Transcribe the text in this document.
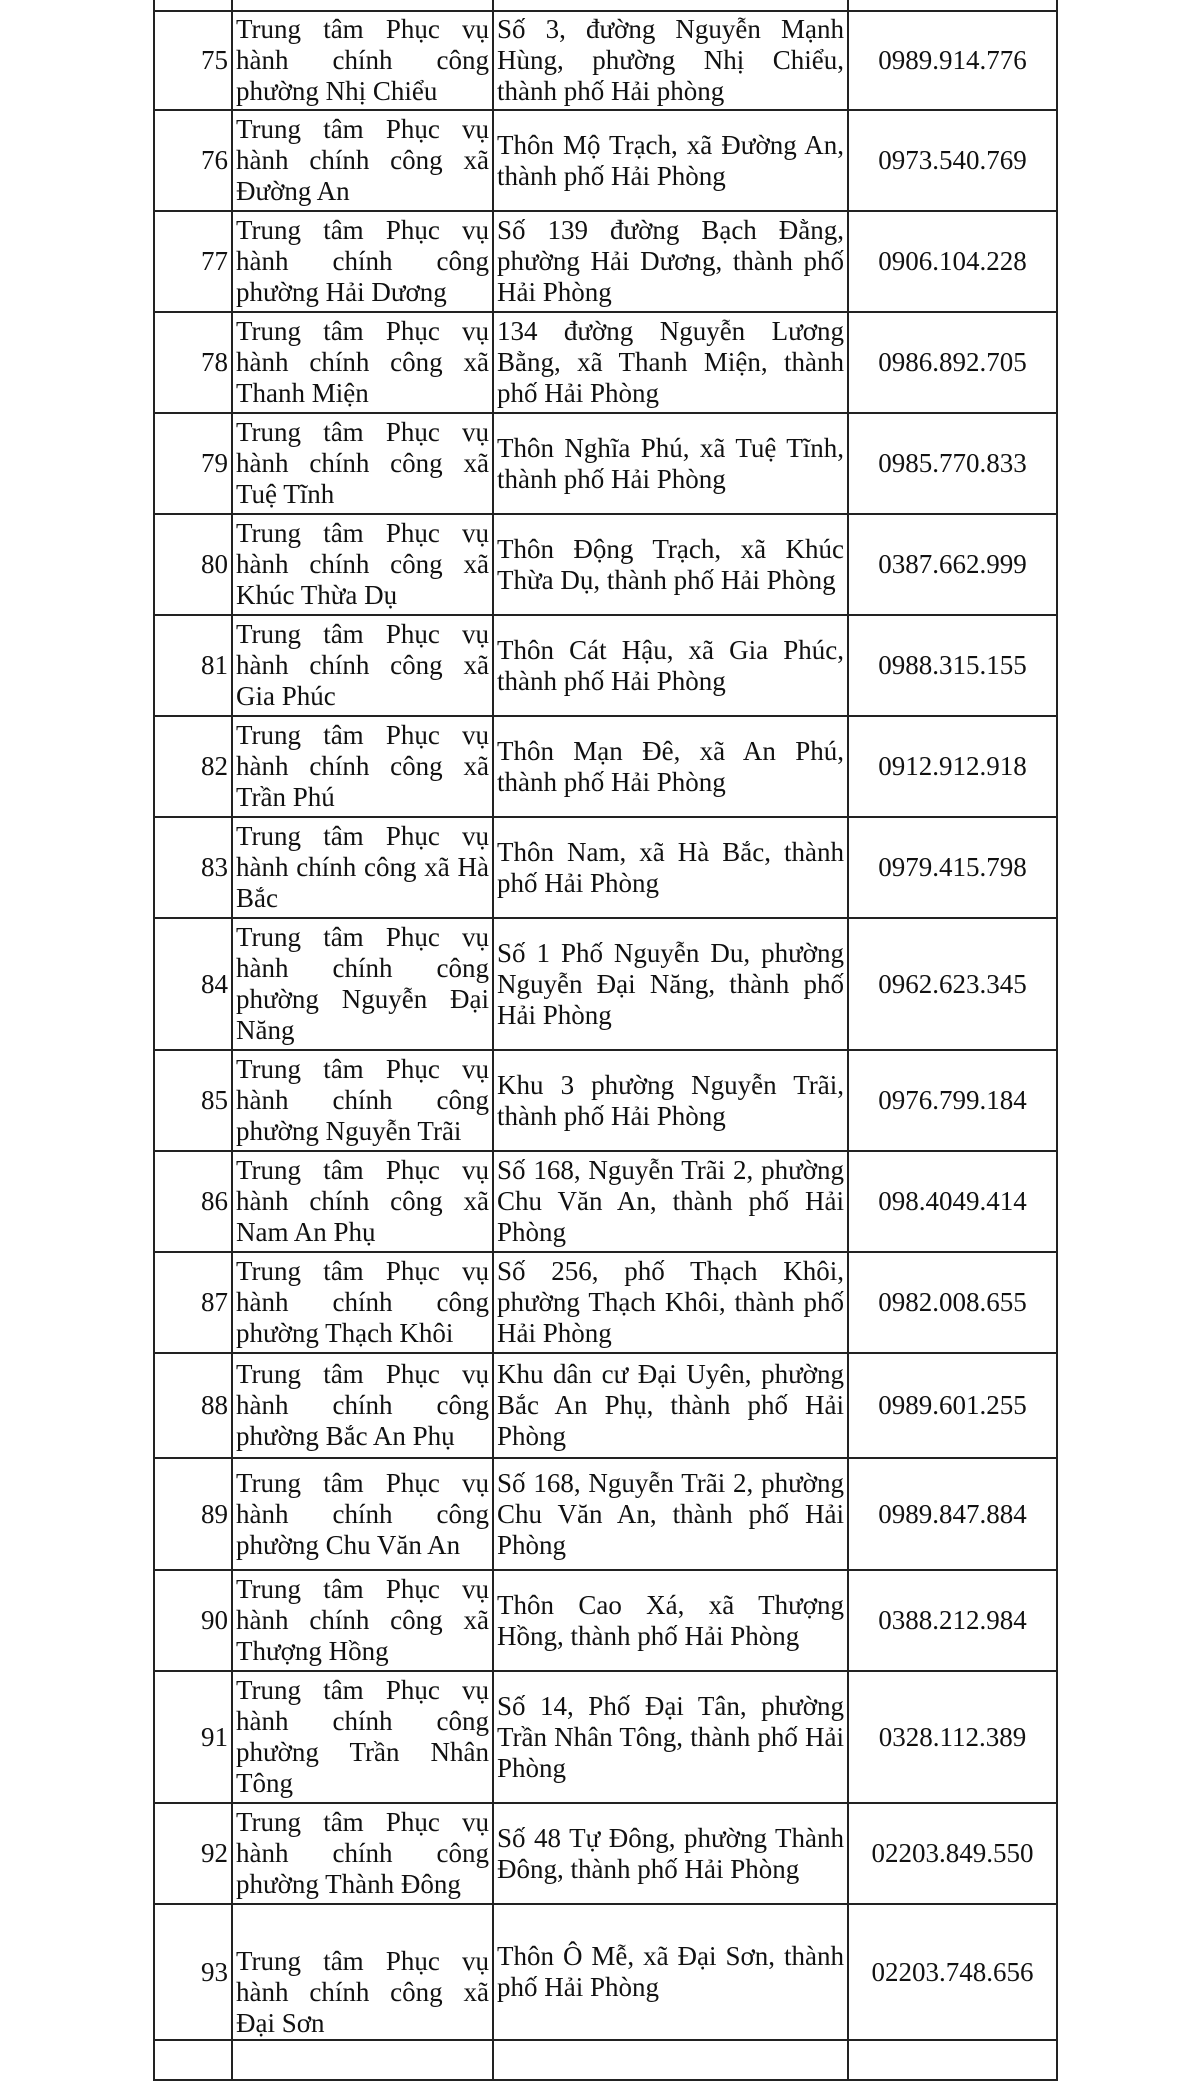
75	Trung tâm Phục vụ hành chính công phường Nhị Chiểu	Số 3, đường Nguyễn Mạnh Hùng, phường Nhị Chiểu, thành phố Hải phòng	0989.914.776
76	Trung tâm Phục vụ hành chính công xã Đường An	Thôn Mộ Trạch, xã Đường An, thành phố Hải Phòng	0973.540.769
77	Trung tâm Phục vụ hành chính công phường Hải Dương	Số 139 đường Bạch Đằng, phường Hải Dương, thành phố Hải Phòng	0906.104.228
78	Trung tâm Phục vụ hành chính công xã Thanh Miện	134 đường Nguyễn Lương Bằng, xã Thanh Miện, thành phố Hải Phòng	0986.892.705
79	Trung tâm Phục vụ hành chính công xã Tuệ Tĩnh	Thôn Nghĩa Phú, xã Tuệ Tĩnh, thành phố Hải Phòng	0985.770.833
80	Trung tâm Phục vụ hành chính công xã Khúc Thừa Dụ	Thôn Động Trạch, xã Khúc Thừa Dụ, thành phố Hải Phòng	0387.662.999
81	Trung tâm Phục vụ hành chính công xã Gia Phúc	Thôn Cát Hậu, xã Gia Phúc, thành phố Hải Phòng	0988.315.155
82	Trung tâm Phục vụ hành chính công xã Trần Phú	Thôn Mạn Đê, xã An Phú, thành phố Hải Phòng	0912.912.918
83	Trung tâm Phục vụ hành chính công xã Hà Bắc	Thôn Nam, xã Hà Bắc, thành phố Hải Phòng	0979.415.798
84	Trung tâm Phục vụ hành chính công phường Nguyễn Đại Năng	Số 1 Phố Nguyễn Du, phường Nguyễn Đại Năng, thành phố Hải Phòng	0962.623.345
85	Trung tâm Phục vụ hành chính công phường Nguyễn Trãi	Khu 3 phường Nguyễn Trãi, thành phố Hải Phòng	0976.799.184
86	Trung tâm Phục vụ hành chính công xã Nam An Phụ	Số 168, Nguyễn Trãi 2, phường Chu Văn An, thành phố Hải Phòng	098.4049.414
87	Trung tâm Phục vụ hành chính công phường Thạch Khôi	Số 256, phố Thạch Khôi, phường Thạch Khôi, thành phố Hải Phòng	0982.008.655
88	Trung tâm Phục vụ hành chính công phường Bắc An Phụ	Khu dân cư Đại Uyên, phường Bắc An Phụ, thành phố Hải Phòng	0989.601.255
89	Trung tâm Phục vụ hành chính công phường Chu Văn An	Số 168, Nguyễn Trãi 2, phường Chu Văn An, thành phố Hải Phòng	0989.847.884
90	Trung tâm Phục vụ hành chính công xã Thượng Hồng	Thôn Cao Xá, xã Thượng Hồng, thành phố Hải Phòng	0388.212.984
91	Trung tâm Phục vụ hành chính công phường Trần Nhân Tông	Số 14, Phố Đại Tân, phường Trần Nhân Tông, thành phố Hải Phòng	0328.112.389
92	Trung tâm Phục vụ hành chính công phường Thành Đông	Số 48 Tự Đông, phường Thành Đông, thành phố Hải Phòng	02203.849.550
93	Trung tâm Phục vụ hành chính công xã Đại Sơn	Thôn Ô Mễ, xã Đại Sơn, thành phố Hải Phòng	02203.748.656
